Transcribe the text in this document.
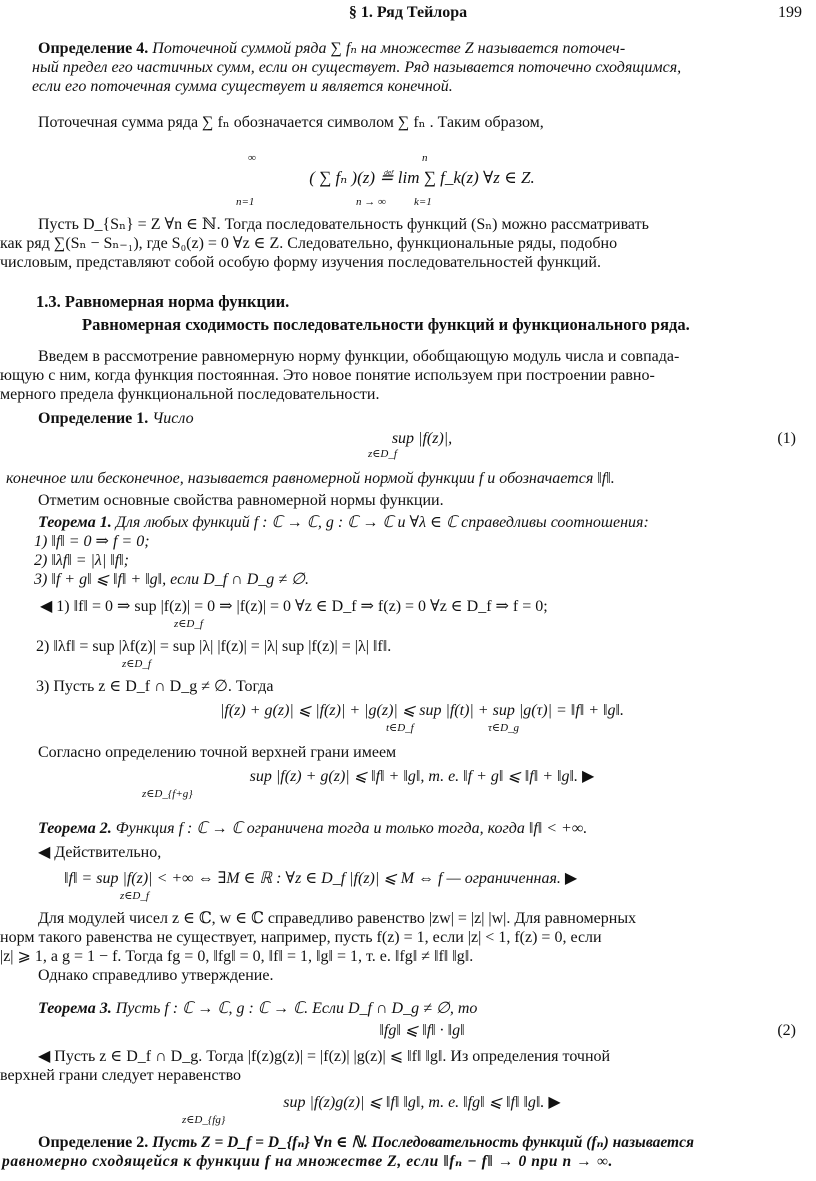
§ 1. Ряд Тейлора	199
Определение 4. Поточечной суммой ряда ∑ fₙ на множестве Z называется поточеч-
ный предел его частичных сумм, если он существует. Ряд называется поточечно сходящимся,
если его поточечная сумма существует и является конечной.
Поточечная сумма ряда ∑ fₙ обозначается символом ∑ fₙ . Таким образом,
∞	n
( ∑ fₙ )(z) ≝ lim ∑ f_k(z) ∀z ∈ Z.
n=1	n → ∞	k=1
Пусть D_{Sₙ} = Z ∀n ∈ ℕ. Тогда последовательность функций (Sₙ) можно рассматривать
как ряд ∑(Sₙ − Sₙ₋₁), где S₀(z) = 0 ∀z ∈ Z. Следовательно, функциональные ряды, подобно
числовым, представляют собой особую форму изучения последовательностей функций.
1.3. Равномерная норма функции.
Равномерная сходимость последовательности функций и функционального ряда.
Введем в рассмотрение равномерную норму функции, обобщающую модуль числа и совпада-
ющую с ним, когда функция постоянная. Это новое понятие используем при построении равно-
мерного предела функциональной последовательности.
Определение 1. Число
sup |f(z)|,
z∈D_f
(1)
конечное или бесконечное, называется равномерной нормой функции f и обозначается ‖f‖.
Отметим основные свойства равномерной нормы функции.
Теорема 1. Для любых функций f : ℂ → ℂ, g : ℂ → ℂ и ∀λ ∈ ℂ справедливы соотношения:
1) ‖f‖ = 0 ⇒ f = 0;
2) ‖λf‖ = |λ| ‖f‖;
3) ‖f + g‖ ⩽ ‖f‖ + ‖g‖, если D_f ∩ D_g ≠ ∅.
◀ 1) ‖f‖ = 0 ⇒ sup |f(z)| = 0 ⇒ |f(z)| = 0 ∀z ∈ D_f ⇒ f(z) = 0 ∀z ∈ D_f ⇒ f = 0;
z∈D_f
2) ‖λf‖ = sup |λf(z)| = sup |λ| |f(z)| = |λ| sup |f(z)| = |λ| ‖f‖.
z∈D_f
3) Пусть z ∈ D_f ∩ D_g ≠ ∅. Тогда
|f(z) + g(z)| ⩽ |f(z)| + |g(z)| ⩽ sup |f(t)| + sup |g(τ)| = ‖f‖ + ‖g‖.
t∈D_f	τ∈D_g
Согласно определению точной верхней грани имеем
sup |f(z) + g(z)| ⩽ ‖f‖ + ‖g‖, т. е. ‖f + g‖ ⩽ ‖f‖ + ‖g‖. ▶
z∈D_{f+g}
Теорема 2. Функция f : ℂ → ℂ ограничена тогда и только тогда, когда ‖f‖ < +∞.
◀ Действительно,
‖f‖ = sup |f(z)| < +∞ ⇔ ∃M ∈ ℝ : ∀z ∈ D_f |f(z)| ⩽ M ⇔ f — ограниченная. ▶
z∈D_f
Для модулей чисел z ∈ ℂ, w ∈ ℂ справедливо равенство |zw| = |z| |w|. Для равномерных
норм такого равенства не существует, например, пусть f(z) = 1, если |z| < 1, f(z) = 0, если
|z| ⩾ 1, а g = 1 − f. Тогда fg = 0, ‖fg‖ = 0, ‖f‖ = 1, ‖g‖ = 1, т. е. ‖fg‖ ≠ ‖f‖ ‖g‖.
Однако справедливо утверждение.
Теорема 3. Пусть f : ℂ → ℂ, g : ℂ → ℂ. Если D_f ∩ D_g ≠ ∅, то
‖fg‖ ⩽ ‖f‖ · ‖g‖	(2)
◀ Пусть z ∈ D_f ∩ D_g. Тогда |f(z)g(z)| = |f(z)| |g(z)| ⩽ ‖f‖ ‖g‖. Из определения точной
верхней грани следует неравенство
sup |f(z)g(z)| ⩽ ‖f‖ ‖g‖, т. е. ‖fg‖ ⩽ ‖f‖ ‖g‖. ▶
z∈D_{fg}
Определение 2. Пусть Z = D_f = D_{fₙ} ∀n ∈ ℕ. Последовательность функций (fₙ) называется
равномерно сходящейся к функции f на множестве Z, если ‖fₙ − f‖ → 0 при n → ∞.
